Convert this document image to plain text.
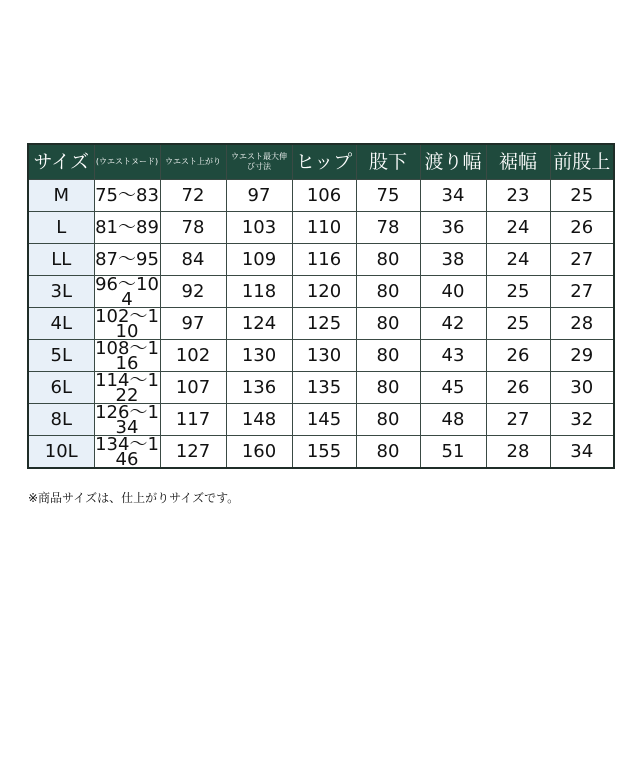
サイズ	(ウエストヌード)	ウエスト上がり	ウエスト最大伸び寸法	ヒップ	股下	渡り幅	裾幅	前股上
M	75～83	72	97	106	75	34	23	25
L	81～89	78	103	110	78	36	24	26
LL	87～95	84	109	116	80	38	24	27
3L	96～104	92	118	120	80	40	25	27
4L	102～110	97	124	125	80	42	25	28
5L	108～116	102	130	130	80	43	26	29
6L	114～122	107	136	135	80	45	26	30
8L	126～134	117	148	145	80	48	27	32
10L	134～146	127	160	155	80	51	28	34
※商品サイズは、仕上がりサイズです。
